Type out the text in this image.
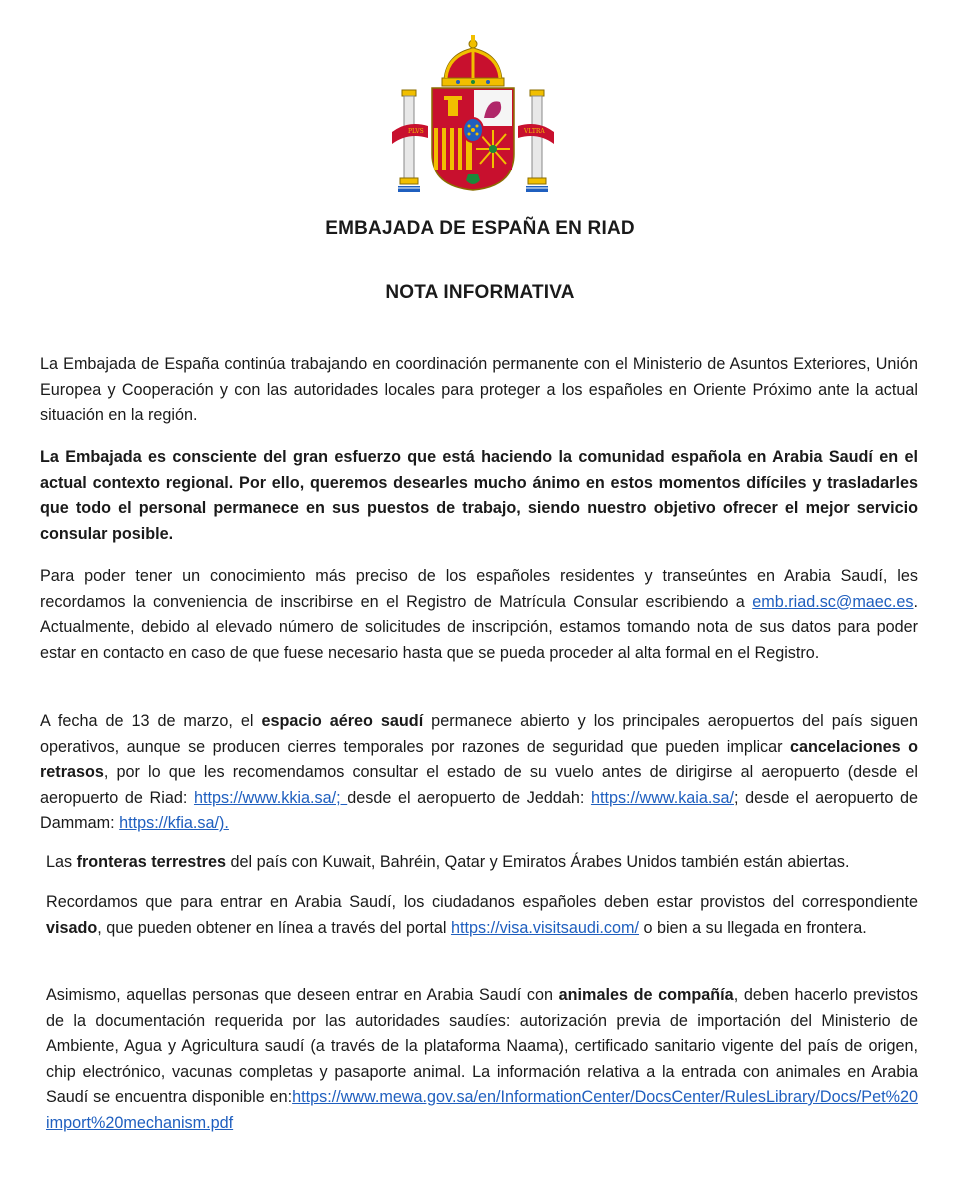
PLVS	VLTRA
EMBAJADA DE ESPAÑA EN RIAD
NOTA INFORMATIVA

La Embajada de España continúa trabajando en coordinación permanente con el Ministerio de Asuntos Exteriores, Unión Europea y Cooperación y con las autoridades locales para proteger a los españoles en Oriente Próximo ante la actual situación en la región.

La Embajada es consciente del gran esfuerzo que está haciendo la comunidad española en Arabia Saudí en el actual contexto regional. Por ello, queremos desearles mucho ánimo en estos momentos difíciles y trasladarles que todo el personal permanece en sus puestos de trabajo, siendo nuestro objetivo ofrecer el mejor servicio consular posible.

Para poder tener un conocimiento más preciso de los españoles residentes y transeúntes en Arabia Saudí, les recordamos la conveniencia de inscribirse en el Registro de Matrícula Consular escribiendo a emb.riad.sc@maec.es. Actualmente, debido al elevado número de solicitudes de inscripción, estamos tomando nota de sus datos para poder estar en contacto en caso de que fuese necesario hasta que se pueda proceder al alta formal en el Registro.

A fecha de 13 de marzo, el espacio aéreo saudí permanece abierto y los principales aeropuertos del país siguen operativos, aunque se producen cierres temporales por razones de seguridad que pueden implicar cancelaciones o retrasos, por lo que les recomendamos consultar el estado de su vuelo antes de dirigirse al aeropuerto (desde el aeropuerto de Riad: https://www.kkia.sa/; desde el aeropuerto de Jeddah: https://www.kaia.sa/; desde el aeropuerto de Dammam: https://kfia.sa/).

Las fronteras terrestres del país con Kuwait, Bahréin, Qatar y Emiratos Árabes Unidos también están abiertas.

Recordamos que para entrar en Arabia Saudí, los ciudadanos españoles deben estar provistos del correspondiente visado, que pueden obtener en línea a través del portal https://visa.visitsaudi.com/ o bien a su llegada en frontera.

Asimismo, aquellas personas que deseen entrar en Arabia Saudí con animales de compañía, deben hacerlo previstos de la documentación requerida por las autoridades saudíes: autorización previa de importación del Ministerio de Ambiente, Agua y Agricultura saudí (a través de la plataforma Naama), certificado sanitario vigente del país de origen, chip electrónico, vacunas completas y pasaporte animal. La información relativa a la entrada con animales en Arabia Saudí se encuentra disponible en:https://www.mewa.gov.sa/en/InformationCenter/DocsCenter/RulesLibrary/Docs/Pet%20import%20mechanism.pdf
